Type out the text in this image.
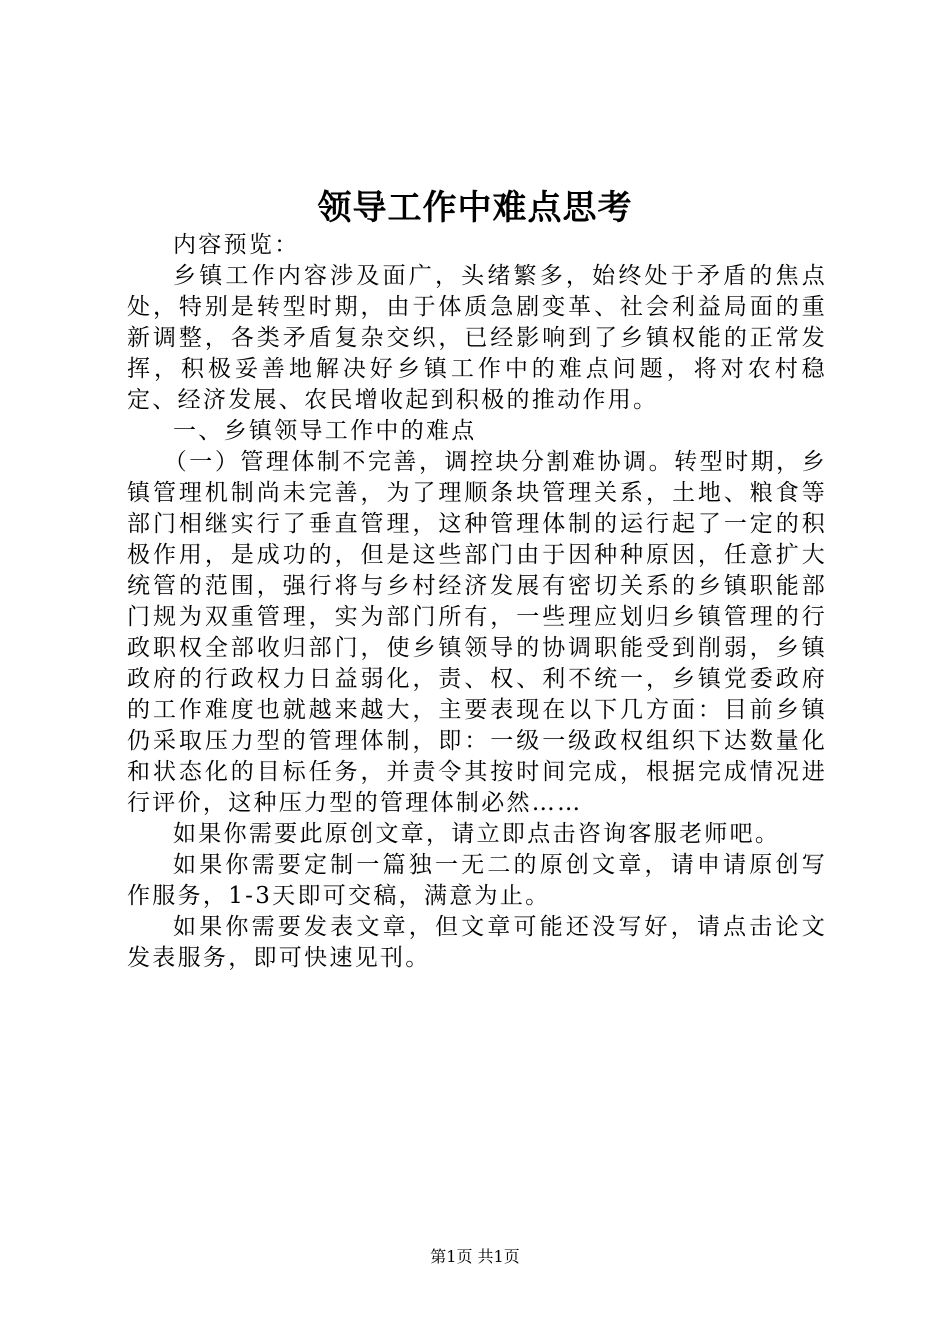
领导工作中难点思考

内容预览：

乡镇工作内容涉及面广，头绪繁多，始终处于矛盾的焦点处，特别是转型时期，由于体质急剧变革、社会利益局面的重新调整，各类矛盾复杂交织，已经影响到了乡镇权能的正常发挥，积极妥善地解决好乡镇工作中的难点问题，将对农村稳定、经济发展、农民增收起到积极的推动作用。

一、乡镇领导工作中的难点

（一）管理体制不完善，调控块分割难协调。转型时期，乡镇管理机制尚未完善，为了理顺条块管理关系，土地、粮食等部门相继实行了垂直管理，这种管理体制的运行起了一定的积极作用，是成功的，但是这些部门由于因种种原因，任意扩大统管的范围，强行将与乡村经济发展有密切关系的乡镇职能部门规为双重管理，实为部门所有，一些理应划归乡镇管理的行政职权全部收归部门，使乡镇领导的协调职能受到削弱，乡镇政府的行政权力日益弱化，责、权、利不统一，乡镇党委政府的工作难度也就越来越大，主要表现在以下几方面：目前乡镇仍采取压力型的管理体制，即：一级一级政权组织下达数量化和状态化的目标任务，并责令其按时间完成，根据完成情况进行评价，这种压力型的管理体制必然……

如果你需要此原创文章，请立即点击咨询客服老师吧。

如果你需要定制一篇独一无二的原创文章，请申请原创写作服务，1-3天即可交稿，满意为止。

如果你需要发表文章，但文章可能还没写好，请点击论文发表服务，即可快速见刊。

第1页 共1页
